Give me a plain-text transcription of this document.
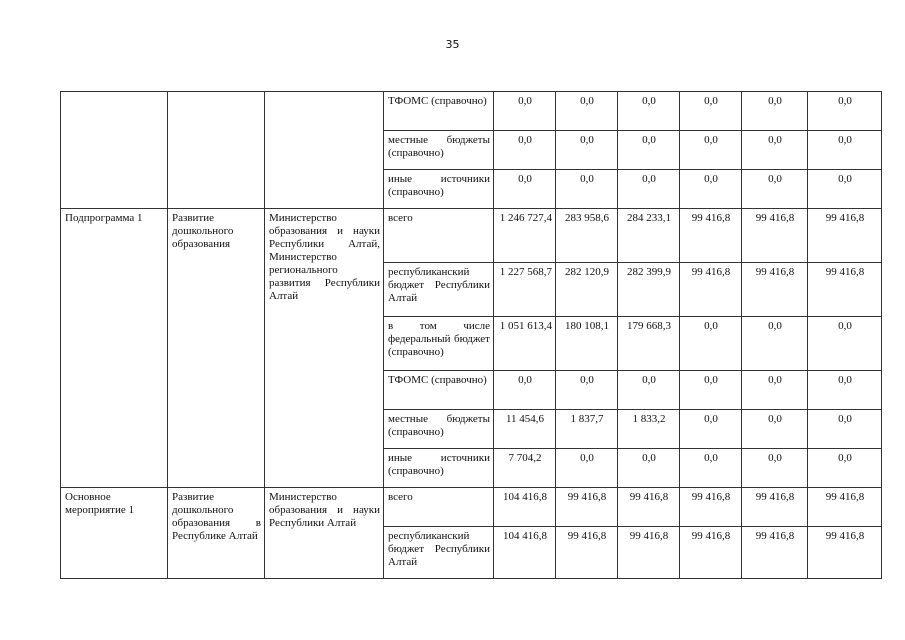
35
			ТФОМС (справочно)	0,0	0,0	0,0	0,0	0,0	0,0
			местные бюджеты (справочно)	0,0	0,0	0,0	0,0	0,0	0,0
			иные источники (справочно)	0,0	0,0	0,0	0,0	0,0	0,0
Подпрограмма 1	Развитие дошкольного образования	Министерство образования и науки Республики Алтай, Министерство регионального развития Республики Алтай	всего	1 246 727,4	283 958,6	284 233,1	99 416,8	99 416,8	99 416,8
			республиканский бюджет Республики Алтай	1 227 568,7	282 120,9	282 399,9	99 416,8	99 416,8	99 416,8
			в том числе федеральный бюджет (справочно)	1 051 613,4	180 108,1	179 668,3	0,0	0,0	0,0
			ТФОМС (справочно)	0,0	0,0	0,0	0,0	0,0	0,0
			местные бюджеты (справочно)	11 454,6	1 837,7	1 833,2	0,0	0,0	0,0
			иные источники (справочно)	7 704,2	0,0	0,0	0,0	0,0	0,0
Основное мероприятие 1	Развитие дошкольного образования в Республике Алтай	Министерство образования и науки Республики Алтай	всего	104 416,8	99 416,8	99 416,8	99 416,8	99 416,8	99 416,8
			республиканский бюджет Республики Алтай	104 416,8	99 416,8	99 416,8	99 416,8	99 416,8	99 416,8
